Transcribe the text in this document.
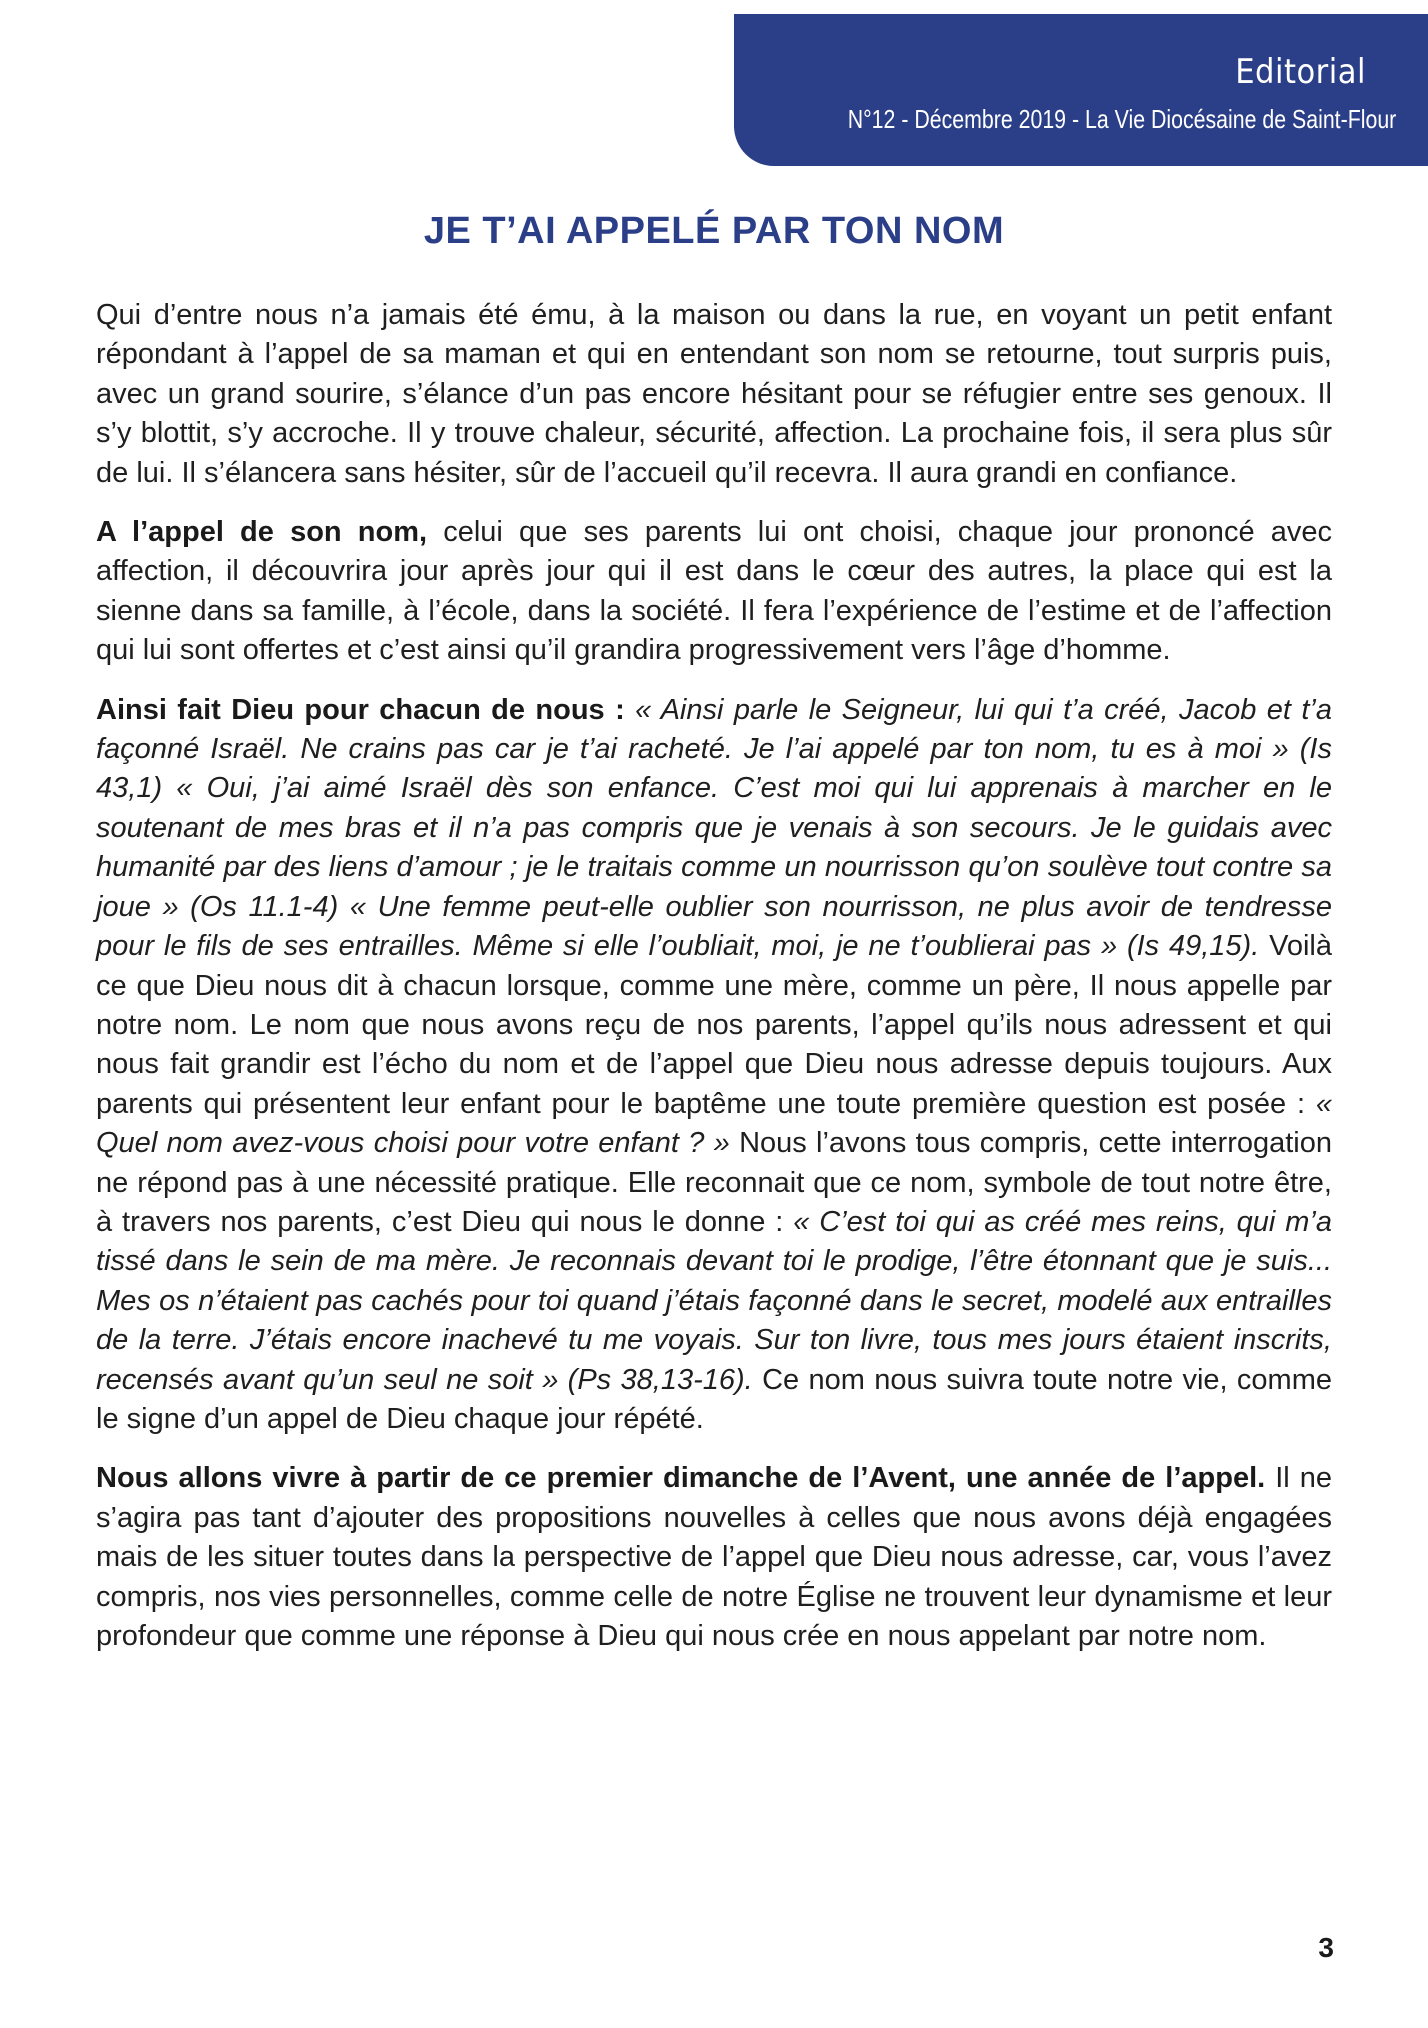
Editorial
N°12 - Décembre 2019 - La Vie Diocésaine de Saint-Flour
JE T’AI APPELÉ PAR TON NOM

Qui d’entre nous n’a jamais été ému, à la maison ou dans la rue, en voyant un petit enfant répondant à l’appel de sa maman et qui en entendant son nom se retourne, tout surpris puis, avec un grand sourire, s’élance d’un pas encore hésitant pour se réfugier entre ses genoux. Il s’y blottit, s’y accroche. Il y trouve chaleur, sécurité, affection. La prochaine fois, il sera plus sûr de lui. Il s’élancera sans hésiter, sûr de l’accueil qu’il recevra. Il aura grandi en confiance.

A l’appel de son nom, celui que ses parents lui ont choisi, chaque jour prononcé avec affection, il découvrira jour après jour qui il est dans le cœur des autres, la place qui est la sienne dans sa famille, à l’école, dans la société. Il fera l’expérience de l’estime et de l’affection qui lui sont offertes et c’est ainsi qu’il grandira progressivement vers l’âge d’homme.

Ainsi fait Dieu pour chacun de nous : « Ainsi parle le Seigneur, lui qui t’a créé, Jacob et t’a façonné Israël. Ne crains pas car je t’ai racheté. Je l’ai appelé par ton nom, tu es à moi » (Is 43,1) « Oui, j’ai aimé Israël dès son enfance. C’est moi qui lui apprenais à marcher en le soutenant de mes bras et il n’a pas compris que je venais à son secours. Je le guidais avec humanité par des liens d’amour ; je le traitais comme un nourrisson qu’on soulève tout contre sa joue » (Os 11.1-4) « Une femme peut-elle oublier son nourrisson, ne plus avoir de tendresse pour le fils de ses entrailles. Même si elle l’oubliait, moi, je ne t’oublierai pas » (Is 49,15). Voilà ce que Dieu nous dit à chacun lorsque, comme une mère, comme un père, Il nous appelle par notre nom. Le nom que nous avons reçu de nos parents, l’appel qu’ils nous adressent et qui nous fait grandir est l’écho du nom et de l’appel que Dieu nous adresse depuis toujours. Aux parents qui présentent leur enfant pour le baptême une toute première question est posée : « Quel nom avez-vous choisi pour votre enfant ? » Nous l’avons tous compris, cette interrogation ne répond pas à une nécessité pratique. Elle reconnait que ce nom, symbole de tout notre être, à travers nos parents, c’est Dieu qui nous le donne : « C’est toi qui as créé mes reins, qui m’a tissé dans le sein de ma mère. Je reconnais devant toi le prodige, l’être étonnant que je suis... Mes os n’étaient pas cachés pour toi quand j’étais façonné dans le secret, modelé aux entrailles de la terre. J’étais encore inachevé tu me voyais. Sur ton livre, tous mes jours étaient inscrits, recensés avant qu’un seul ne soit » (Ps 38,13-16). Ce nom nous suivra toute notre vie, comme le signe d’un appel de Dieu chaque jour répété.

Nous allons vivre à partir de ce premier dimanche de l’Avent, une année de l’appel. Il ne s’agira pas tant d’ajouter des propositions nouvelles à celles que nous avons déjà engagées mais de les situer toutes dans la perspective de l’appel que Dieu nous adresse, car, vous l’avez compris, nos vies personnelles, comme celle de notre Église ne trouvent leur dynamisme et leur profondeur que comme une réponse à Dieu qui nous crée en nous appelant par notre nom.

3
